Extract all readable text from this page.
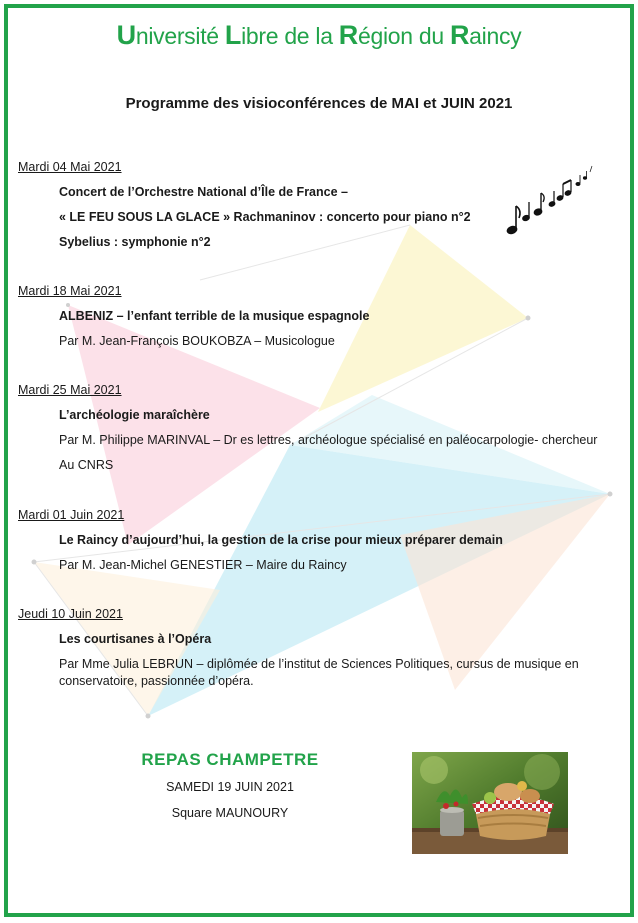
Université Libre de la Région du Raincy
Programme des visioconférences de MAI et JUIN 2021
Mardi 04 Mai 2021
Concert de l’Orchestre National d’Île de France –
« LE FEU SOUS LA GLACE » Rachmaninov : concerto pour piano n°2
Sybelius : symphonie n°2
Mardi 18 Mai 2021
ALBENIZ – l’enfant terrible de la musique espagnole
Par M. Jean-François BOUKOBZA – Musicologue
Mardi 25 Mai 2021
L’archéologie maraîchère
Par M. Philippe MARINVAL – Dr es lettres, archéologue spécialisé en paléocarpologie- chercheur
Au CNRS
Mardi 01 Juin 2021
Le Raincy d’aujourd’hui, la gestion de la crise pour mieux préparer demain
Par M. Jean-Michel GENESTIER – Maire du Raincy
Jeudi 10 Juin 2021
Les courtisanes à l’Opéra
Par Mme Julia LEBRUN – diplômée de l’institut de Sciences Politiques, cursus de musique en conservatoire, passionnée d’opéra.
REPAS CHAMPETRE
SAMEDI 19 JUIN 2021
Square MAUNOURY
